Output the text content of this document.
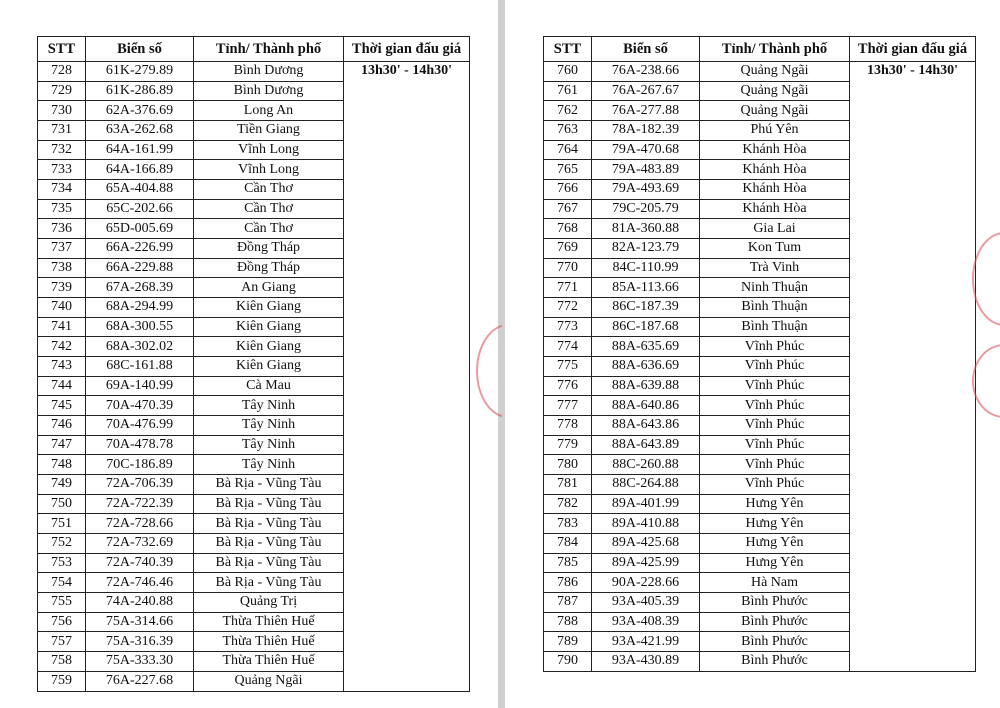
STT	Biển số	Tỉnh/ Thành phố	Thời gian đấu giá
728	61K-279.89	Bình Dương	13h30' - 14h30'
729	61K-286.89	Bình Dương	
730	62A-376.69	Long An	
731	63A-262.68	Tiền Giang	
732	64A-161.99	Vĩnh Long	
733	64A-166.89	Vĩnh Long	
734	65A-404.88	Cần Thơ	
735	65C-202.66	Cần Thơ	
736	65D-005.69	Cần Thơ	
737	66A-226.99	Đồng Tháp	
738	66A-229.88	Đồng Tháp	
739	67A-268.39	An Giang	
740	68A-294.99	Kiên Giang	
741	68A-300.55	Kiên Giang	
742	68A-302.02	Kiên Giang	
743	68C-161.88	Kiên Giang	
744	69A-140.99	Cà Mau	
745	70A-470.39	Tây Ninh	
746	70A-476.99	Tây Ninh	
747	70A-478.78	Tây Ninh	
748	70C-186.89	Tây Ninh	
749	72A-706.39	Bà Rịa - Vũng Tàu	
750	72A-722.39	Bà Rịa - Vũng Tàu	
751	72A-728.66	Bà Rịa - Vũng Tàu	
752	72A-732.69	Bà Rịa - Vũng Tàu	
753	72A-740.39	Bà Rịa - Vũng Tàu	
754	72A-746.46	Bà Rịa - Vũng Tàu	
755	74A-240.88	Quảng Trị	
756	75A-314.66	Thừa Thiên Huế	
757	75A-316.39	Thừa Thiên Huế	
758	75A-333.30	Thừa Thiên Huế	
759	76A-227.68	Quảng Ngãi	
STT	Biển số	Tỉnh/ Thành phố	Thời gian đấu giá
760	76A-238.66	Quảng Ngãi	13h30' - 14h30'
761	76A-267.67	Quảng Ngãi	
762	76A-277.88	Quảng Ngãi	
763	78A-182.39	Phú Yên	
764	79A-470.68	Khánh Hòa	
765	79A-483.89	Khánh Hòa	
766	79A-493.69	Khánh Hòa	
767	79C-205.79	Khánh Hòa	
768	81A-360.88	Gia Lai	
769	82A-123.79	Kon Tum	
770	84C-110.99	Trà Vinh	
771	85A-113.66	Ninh Thuận	
772	86C-187.39	Bình Thuận	
773	86C-187.68	Bình Thuận	
774	88A-635.69	Vĩnh Phúc	
775	88A-636.69	Vĩnh Phúc	
776	88A-639.88	Vĩnh Phúc	
777	88A-640.86	Vĩnh Phúc	
778	88A-643.86	Vĩnh Phúc	
779	88A-643.89	Vĩnh Phúc	
780	88C-260.88	Vĩnh Phúc	
781	88C-264.88	Vĩnh Phúc	
782	89A-401.99	Hưng Yên	
783	89A-410.88	Hưng Yên	
784	89A-425.68	Hưng Yên	
785	89A-425.99	Hưng Yên	
786	90A-228.66	Hà Nam	
787	93A-405.39	Bình Phước	
788	93A-408.39	Bình Phước	
789	93A-421.99	Bình Phước	
790	93A-430.89	Bình Phước	
